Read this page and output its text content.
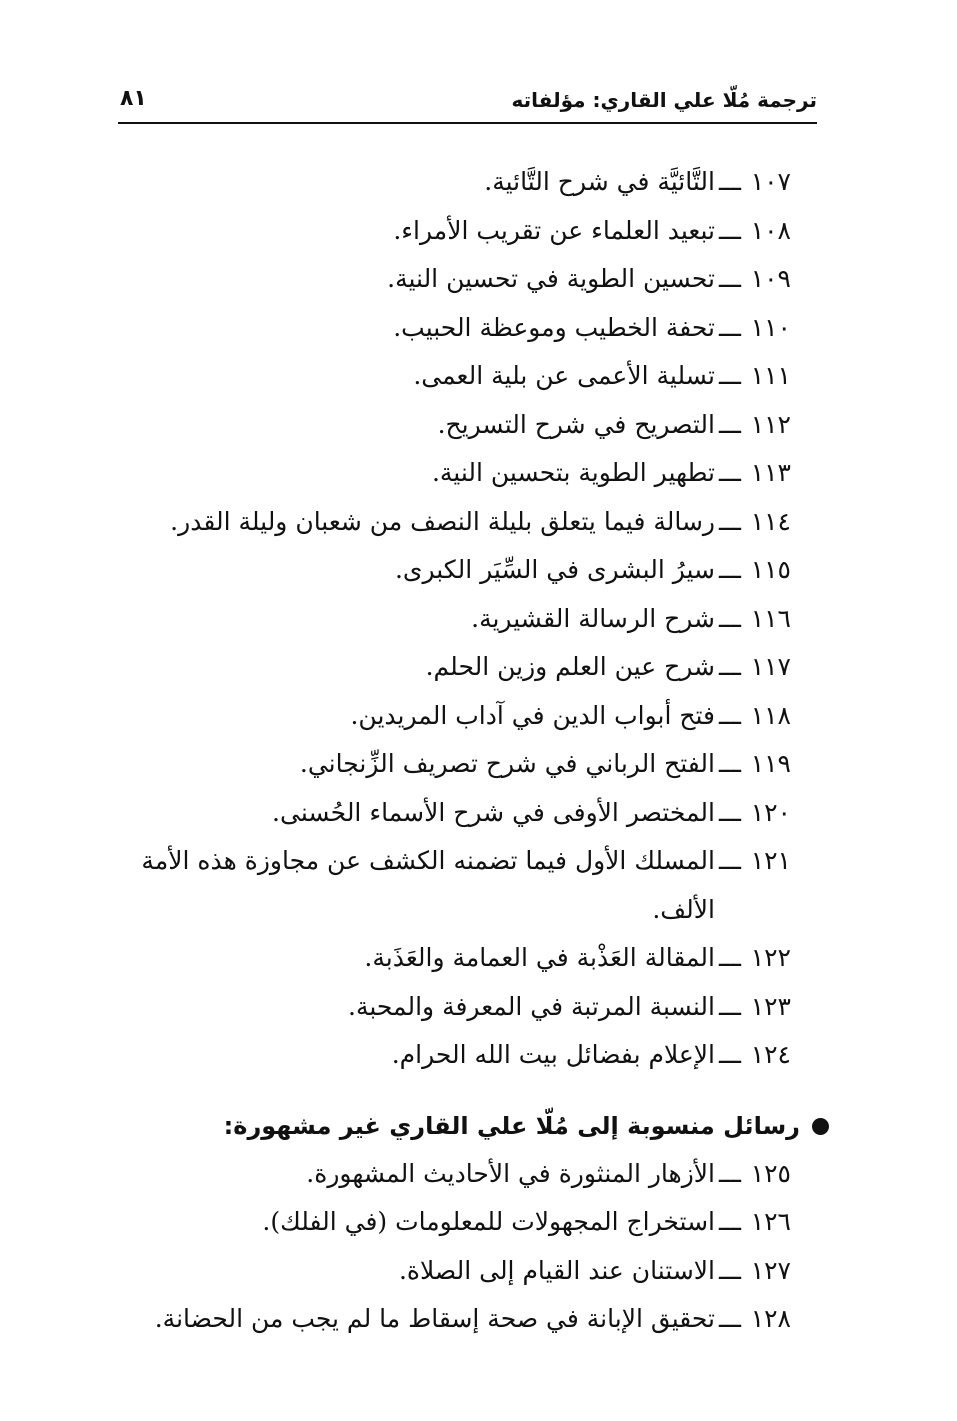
ترجمة مُلّا علي القاري: مؤلفاته
٨١
١٠٧
ـــ
التَّائيَّة في شرح التَّائية.
١٠٨
ـــ
تبعيد العلماء عن تقريب الأمراء.
١٠٩
ـــ
تحسين الطوية في تحسين النية.
١١٠
ـــ
تحفة الخطيب وموعظة الحبيب.
١١١
ـــ
تسلية الأعمى عن بلية العمى.
١١٢
ـــ
التصريح في شرح التسريح.
١١٣
ـــ
تطهير الطوية بتحسين النية.
١١٤
ـــ
رسالة فيما يتعلق بليلة النصف من شعبان وليلة القدر.
١١٥
ـــ
سيرُ البشرى في السِّيَر الكبرى.
١١٦
ـــ
شرح الرسالة القشيرية.
١١٧
ـــ
شرح عين العلم وزين الحلم.
١١٨
ـــ
فتح أبواب الدين في آداب المريدين.
١١٩
ـــ
الفتح الرباني في شرح تصريف الزِّنجاني.
١٢٠
ـــ
المختصر الأوفى في شرح الأسماء الحُسنى.
١٢١
ـــ
المسلك الأول فيما تضمنه الكشف عن مجاوزة هذه الأمة الألف.
١٢٢
ـــ
المقالة العَذْبة في العمامة والعَذَبة.
١٢٣
ـــ
النسبة المرتبة في المعرفة والمحبة.
١٢٤
ـــ
الإعلام بفضائل بيت الله الحرام.
رسائل منسوبة إلى مُلّا علي القاري غير مشهورة:
١٢٥
ـــ
الأزهار المنثورة في الأحاديث المشهورة.
١٢٦
ـــ
استخراج المجهولات للمعلومات (في الفلك).
١٢٧
ـــ
الاستنان عند القيام إلى الصلاة.
١٢٨
ـــ
تحقيق الإبانة في صحة إسقاط ما لم يجب من الحضانة.
